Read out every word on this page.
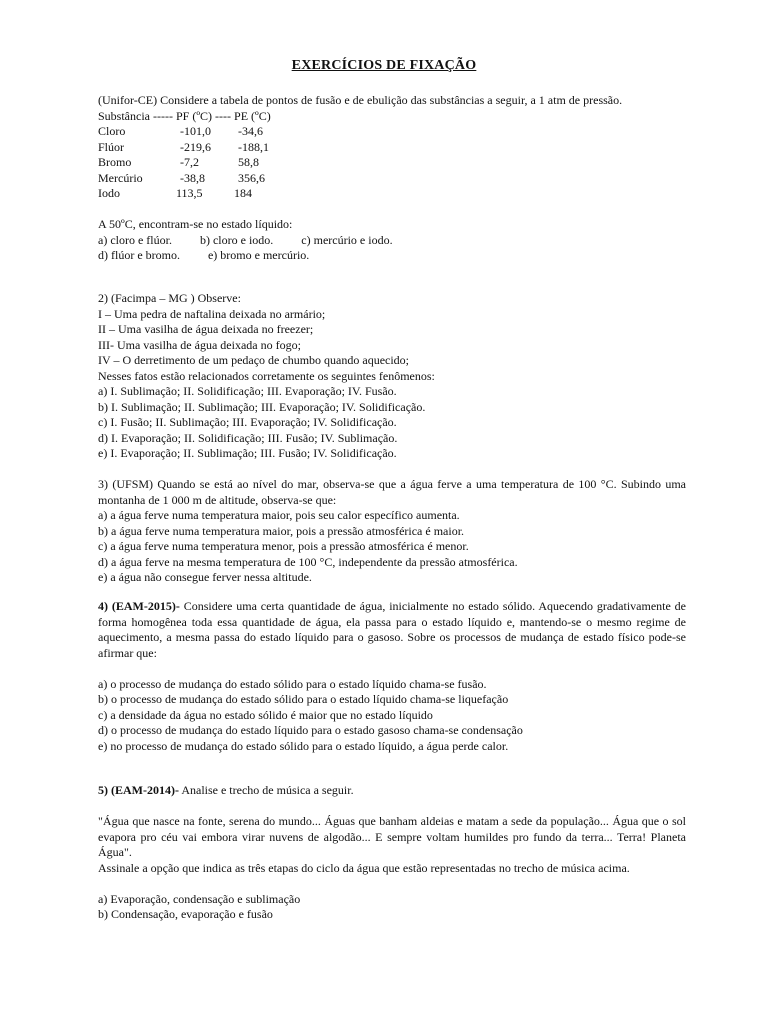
EXERCÍCIOS DE FIXAÇÃO
(Unifor-CE) Considere a tabela de pontos de fusão e de ebulição das substâncias a seguir, a 1 atm de pressão.
Substância ----- PF (ºC) ---- PE (ºC)
Cloro	-101,0	-34,6
Flúor	-219,6	-188,1
Bromo	-7,2	58,8
Mercúrio	-38,8	356,6
Iodo	113,5	184
A 50ºC, encontram-se no estado líquido:
a) cloro e flúor. b) cloro e iodo. c) mercúrio e iodo.
d) flúor e bromo. e) bromo e mercúrio.
2) (Facimpa – MG ) Observe:
I – Uma pedra de naftalina deixada no armário;
II – Uma vasilha de água deixada no freezer;
III- Uma vasilha de água deixada no fogo;
IV – O derretimento de um pedaço de chumbo quando aquecido;
Nesses fatos estão relacionados corretamente os seguintes fenômenos:
a) I. Sublimação; II. Solidificação; III. Evaporação; IV. Fusão.
b) I. Sublimação; II. Sublimação; III. Evaporação; IV. Solidificação.
c) I. Fusão; II. Sublimação; III. Evaporação; IV. Solidificação.
d) I. Evaporação; II. Solidificação; III. Fusão; IV. Sublimação.
e) I. Evaporação; II. Sublimação; III. Fusão; IV. Solidificação.
3) (UFSM) Quando se está ao nível do mar, observa-se que a água ferve a uma temperatura de 100 °C. Subindo uma montanha de 1 000 m de altitude, observa-se que:
a) a água ferve numa temperatura maior, pois seu calor específico aumenta.
b) a água ferve numa temperatura maior, pois a pressão atmosférica é maior.
c) a água ferve numa temperatura menor, pois a pressão atmosférica é menor.
d) a água ferve na mesma temperatura de 100 °C, independente da pressão atmosférica.
e) a água não consegue ferver nessa altitude.
4) (EAM-2015)- Considere uma certa quantidade de água, inicialmente no estado sólido. Aquecendo gradativamente de forma homogênea toda essa quantidade de água, ela passa para o estado líquido e, mantendo-se o mesmo regime de aquecimento, a mesma passa do estado líquido para o gasoso. Sobre os processos de mudança de estado físico pode-se afirmar que:
a) o processo de mudança do estado sólido para o estado líquido chama-se fusão.
b) o processo de mudança do estado sólido para o estado líquido chama-se liquefação
c) a densidade da água no estado sólido é maior que no estado líquido
d) o processo de mudança do estado líquido para o estado gasoso chama-se condensação
e) no processo de mudança do estado sólido para o estado líquido, a água perde calor.
5) (EAM-2014)- Analise e trecho de música a seguir.
"Água que nasce na fonte, serena do mundo... Águas que banham aldeias e matam a sede da população... Água que o sol evapora pro céu vai embora virar nuvens de algodão... E sempre voltam humildes pro fundo da terra... Terra! Planeta Água".
Assinale a opção que indica as três etapas do ciclo da água que estão representadas no trecho de música acima.
a) Evaporação, condensação e sublimação
b) Condensação, evaporação e fusão
